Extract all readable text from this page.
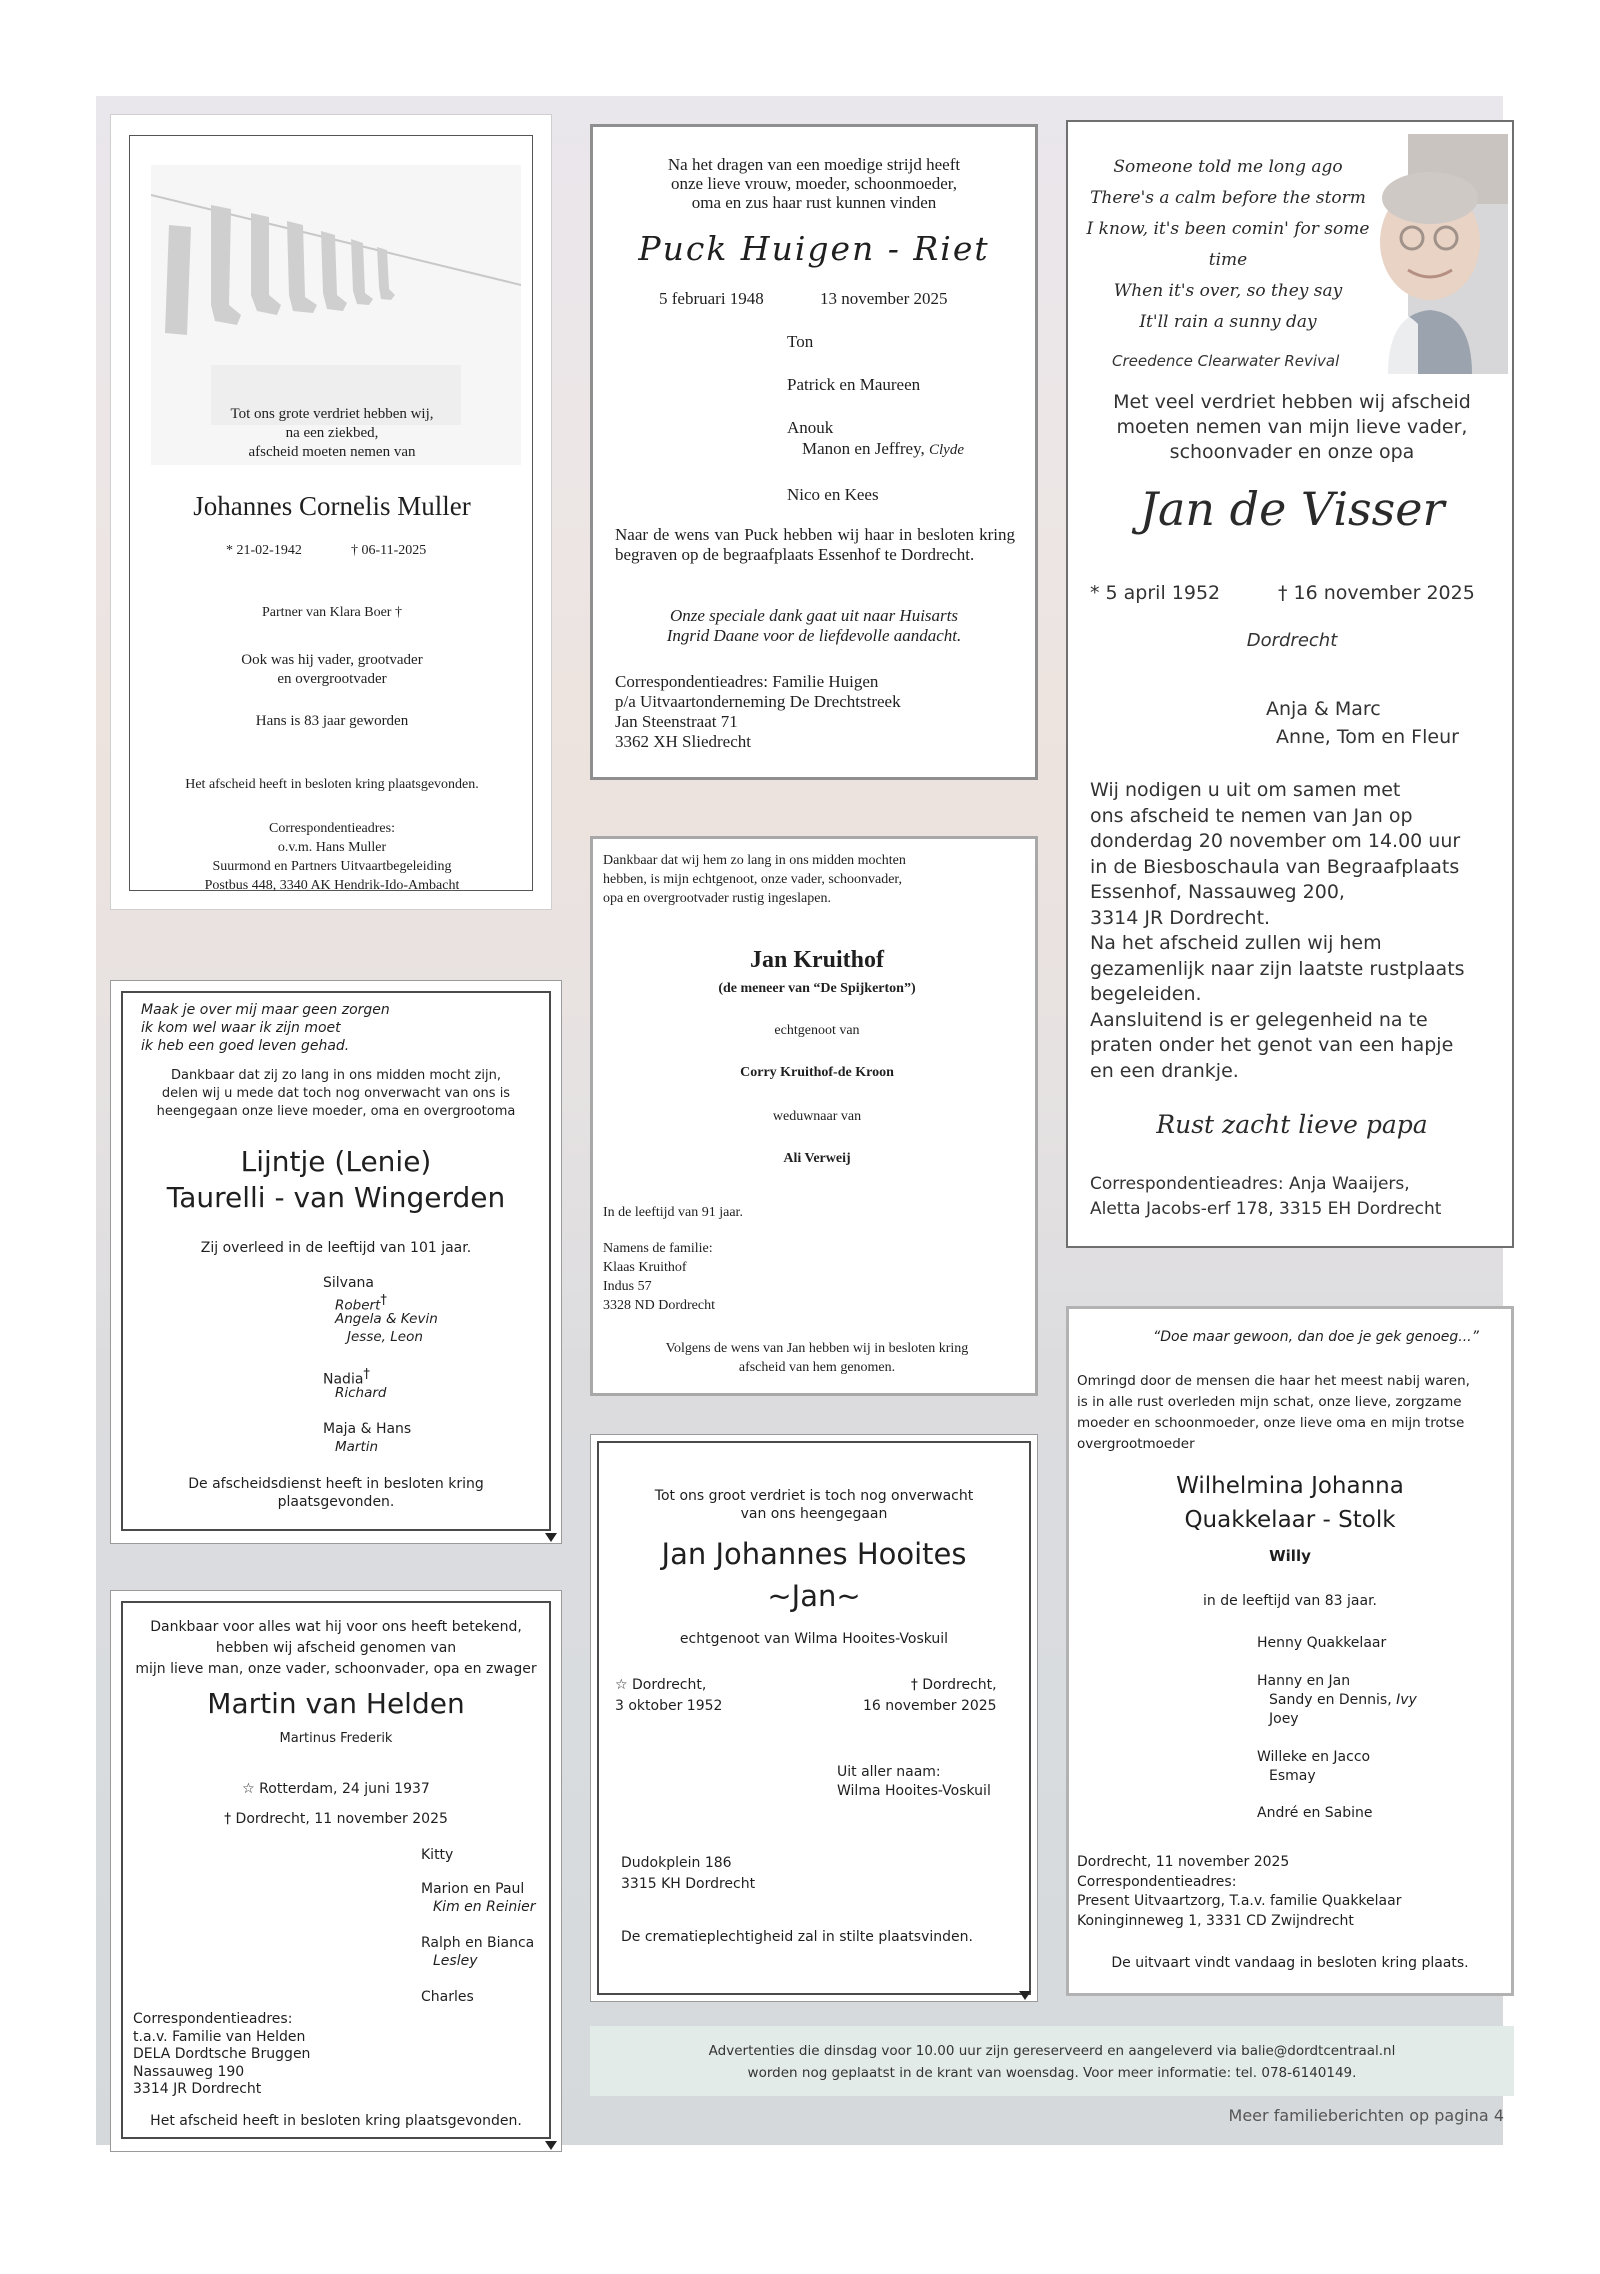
Tot ons grote verdriet hebben wij,
na een ziekbed,
afscheid moeten nemen van
Johannes Cornelis Muller
* 21-02-1942	† 06-11-2025
Partner van Klara Boer †
Ook was hij vader, grootvader
en overgrootvader
Hans is 83 jaar geworden
Het afscheid heeft in besloten kring plaatsgevonden.
Correspondentieadres:
o.v.m. Hans Muller
Suurmond en Partners Uitvaartbegeleiding
Postbus 448, 3340 AK Hendrik-Ido-Ambacht
Na het dragen van een moedige strijd heeft
onze lieve vrouw, moeder, schoonmoeder,
oma en zus haar rust kunnen vinden
Puck Huigen - Riet
5 februari 1948	13 november 2025
Ton
Patrick en Maureen
Anouk
Manon en Jeffrey, Clyde
Nico en Kees
Naar de wens van Puck hebben wij haar in besloten kring begraven op de begraafplaats Essenhof te Dordrecht.
Onze speciale dank gaat uit naar Huisarts
Ingrid Daane voor de liefdevolle aandacht.
Correspondentieadres: Familie Huigen
p/a Uitvaartonderneming De Drechtstreek
Jan Steenstraat 71
3362 XH Sliedrecht
Someone told me long ago
There's a calm before the storm
I know, it's been comin' for some time
When it's over, so they say
It'll rain a sunny day
Creedence Clearwater Revival
Met veel verdriet hebben wij afscheid
moeten nemen van mijn lieve vader,
schoonvader en onze opa
Jan de Visser
* 5 april 1952	† 16 november 2025
Dordrecht
Anja & Marc
Anne, Tom en Fleur
Wij nodigen u uit om samen met
ons afscheid te nemen van Jan op
donderdag 20 november om 14.00 uur
in de Biesboschaula van Begraafplaats
Essenhof, Nassauweg 200,
3314 JR Dordrecht.
Na het afscheid zullen wij hem
gezamenlijk naar zijn laatste rustplaats
begeleiden.
Aansluitend is er gelegenheid na te
praten onder het genot van een hapje
en een drankje.
Rust zacht lieve papa
Correspondentieadres: Anja Waaijers,
Aletta Jacobs-erf 178, 3315 EH Dordrecht
Maak je over mij maar geen zorgen
ik kom wel waar ik zijn moet
ik heb een goed leven gehad.
Dankbaar dat zij zo lang in ons midden mocht zijn,
delen wij u mede dat toch nog onverwacht van ons is
heengegaan onze lieve moeder, oma en overgrootoma
Lijntje (Lenie)
Taurelli - van Wingerden
Zij overleed in de leeftijd van 101 jaar.
Silvana
Robert†
Angela & Kevin
Jesse, Leon
Nadia†
Richard
Maja & Hans
Martin
De afscheidsdienst heeft in besloten kring
plaatsgevonden.
Dankbaar dat wij hem zo lang in ons midden mochten
hebben, is mijn echtgenoot, onze vader, schoonvader,
opa en overgrootvader rustig ingeslapen.
Jan Kruithof
(de meneer van “De Spijkerton”)
echtgenoot van
Corry Kruithof-de Kroon
weduwnaar van
Ali Verweij
In de leeftijd van 91 jaar.
Namens de familie:
Klaas Kruithof
Indus 57
3328 ND Dordrecht
Volgens de wens van Jan hebben wij in besloten kring
afscheid van hem genomen.
Dankbaar voor alles wat hij voor ons heeft betekend,
hebben wij afscheid genomen van
mijn lieve man, onze vader, schoonvader, opa en zwager
Martin van Helden
Martinus Frederik
☆ Rotterdam, 24 juni 1937
† Dordrecht, 11 november 2025
Kitty
Marion en Paul
Kim en Reinier
Ralph en Bianca
Lesley
Charles
Correspondentieadres:
t.a.v. Familie van Helden
DELA Dordtsche Bruggen
Nassauweg 190
3314 JR Dordrecht
Het afscheid heeft in besloten kring plaatsgevonden.
Tot ons groot verdriet is toch nog onverwacht
van ons heengegaan
Jan Johannes Hooites
~Jan~
echtgenoot van Wilma Hooites-Voskuil
☆ Dordrecht,
3 oktober 1952
† Dordrecht,
16 november 2025
Uit aller naam:
Wilma Hooites-Voskuil
Dudokplein 186
3315 KH Dordrecht
De crematieplechtigheid zal in stilte plaatsvinden.
“Doe maar gewoon, dan doe je gek genoeg...”
Omringd door de mensen die haar het meest nabij waren,
is in alle rust overleden mijn schat, onze lieve, zorgzame
moeder en schoonmoeder, onze lieve oma en mijn trotse
overgrootmoeder
Wilhelmina Johanna
Quakkelaar - Stolk
Willy
in de leeftijd van 83 jaar.
Henny Quakkelaar
Hanny en Jan
Sandy en Dennis, Ivy
Joey
Willeke en Jacco
Esmay
André en Sabine
Dordrecht, 11 november 2025
Correspondentieadres:
Present Uitvaartzorg, T.a.v. familie Quakkelaar
Koninginneweg 1, 3331 CD Zwijndrecht
De uitvaart vindt vandaag in besloten kring plaats.
Advertenties die dinsdag voor 10.00 uur zijn gereserveerd en aangeleverd via balie@dordtcentraal.nl
worden nog geplaatst in de krant van woensdag. Voor meer informatie: tel. 078-6140149.
Meer familieberichten op pagina 4
